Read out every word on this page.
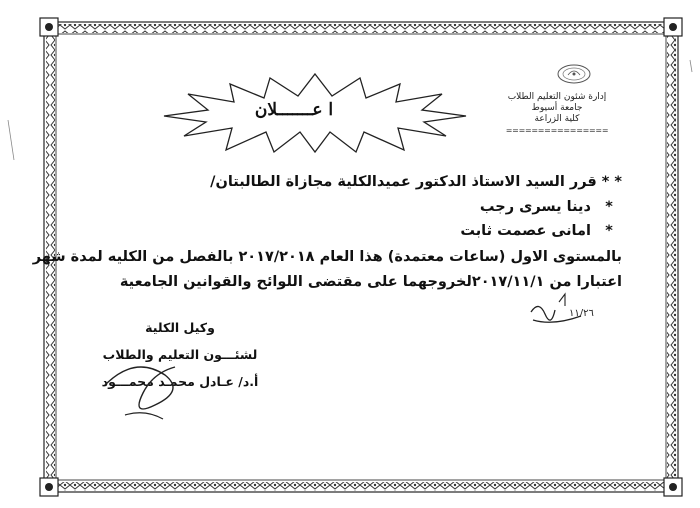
إدارة شئون التعليم الطلاب
جامعة أسيوط
كلية الزراعة
================
ا عـــــــلان
* * قرر السيد الاستاذ الدكتور عميدالكلية مجازاة الطالبتان/
* دينا يسرى رجب
* امانى عصمت ثابت
بالمستوى الاول (ساعات معتمدة) هذا العام ٢٠١٧/٢٠١٨ بالفصل من الكليه لمدة شهر
اعتبارا من ٢٠١٧/١١/١لخروجهما على مقتضى اللوائح والقوانين الجامعية
١١/٢٦
وكيل الكلية
لشئـــون التعليم والطلاب
أ.د/ عـادل محمـد محمـــود
